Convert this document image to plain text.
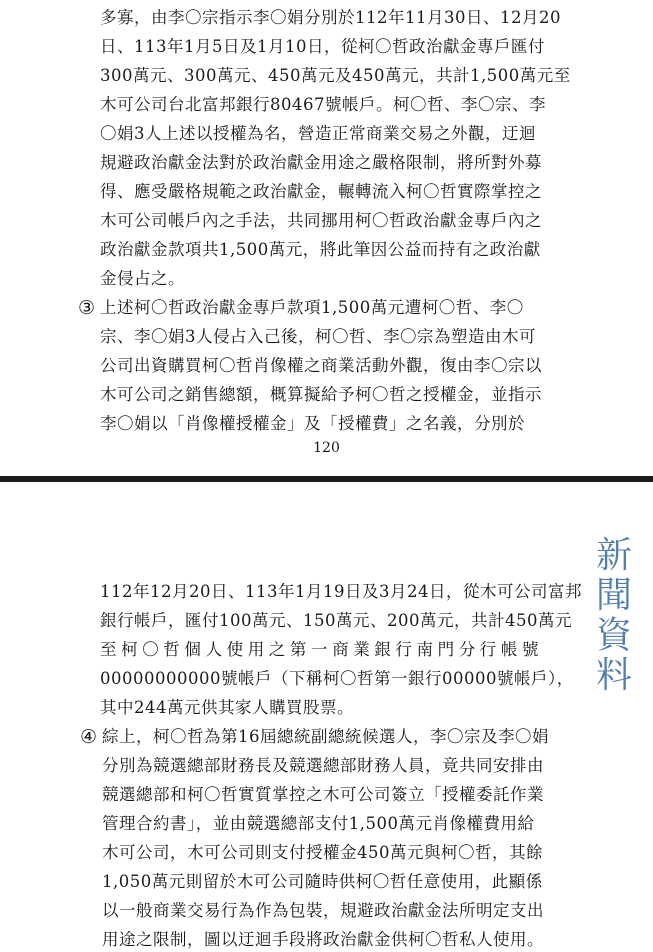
多寡，由李〇宗指示李〇娟分別於112年11月30日、12月20
日、113年1月5日及1月10日，從柯〇哲政治獻金專戶匯付
300萬元、300萬元、450萬元及450萬元，共計1,500萬元至
木可公司台北富邦銀行80467號帳戶。柯〇哲、李〇宗、李
〇娟3人上述以授權為名，營造正常商業交易之外觀，迂迴
規避政治獻金法對於政治獻金用途之嚴格限制，將所對外募
得、應受嚴格規範之政治獻金，輾轉流入柯〇哲實際掌控之
木可公司帳戶內之手法，共同挪用柯〇哲政治獻金專戶內之
政治獻金款項共1,500萬元，將此筆因公益而持有之政治獻
金侵占之。
③ 上述柯〇哲政治獻金專戶款項1,500萬元遭柯〇哲、李〇
宗、李〇娟3人侵占入己後，柯〇哲、李〇宗為塑造由木可
公司出資購買柯〇哲肖像權之商業活動外觀，復由李〇宗以
木可公司之銷售總額，概算擬給予柯〇哲之授權金，並指示
李〇娟以「肖像權授權金」及「授權費」之名義，分別於
120
112年12月20日、113年1月19日及3月24日，從木可公司富邦
銀行帳戶，匯付100萬元、150萬元、200萬元，共計450萬元
至柯〇哲個人使用之第一商業銀行南門分行帳號
00000000000號帳戶（下稱柯〇哲第一銀行00000號帳戶），
其中244萬元供其家人購買股票。
④ 綜上，柯〇哲為第16屆總統副總統候選人，李〇宗及李〇娟
分別為競選總部財務長及競選總部財務人員，竟共同安排由
競選總部和柯〇哲實質掌控之木可公司簽立「授權委託作業
管理合約書」，並由競選總部支付1,500萬元肖像權費用給
木可公司，木可公司則支付授權金450萬元與柯〇哲，其餘
1,050萬元則留於木可公司隨時供柯〇哲任意使用，此顯係
以一般商業交易行為作為包裝，規避政治獻金法所明定支出
用途之限制，圖以迂迴手段將政治獻金供柯〇哲私人使用。
新
聞
資
料
